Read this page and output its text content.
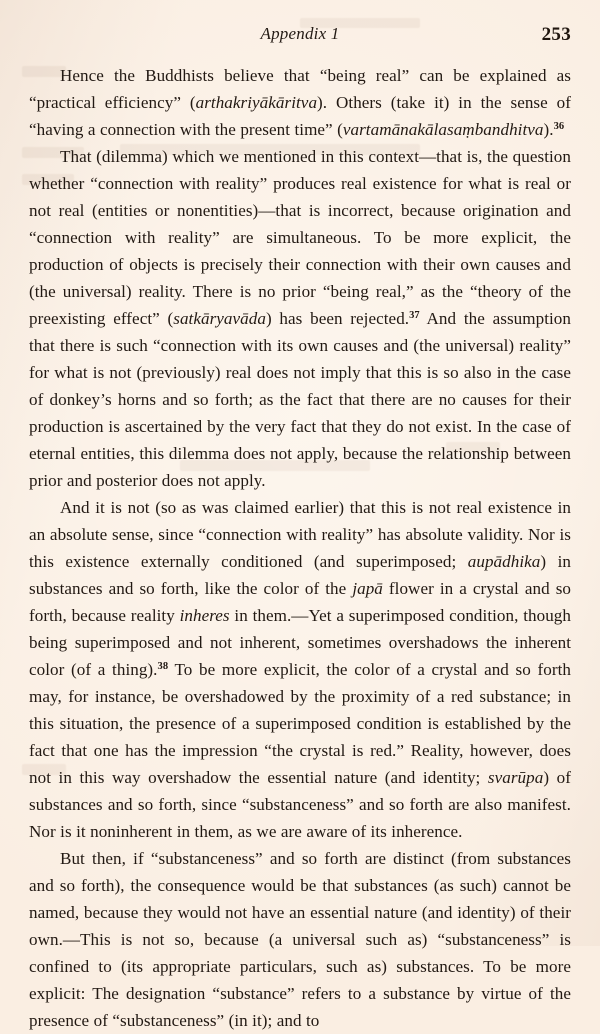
Appendix 1	253

Hence the Buddhists believe that “being real” can be explained as “practical efficiency” (arthakriyākāritva). Others (take it) in the sense of “having a connection with the present time” (vartamānakālasaṃbandhitva).$^{36}$

That (dilemma) which we mentioned in this context—that is, the question whether “connection with reality” produces real existence for what is real or not real (entities or nonentities)—that is incorrect, because origination and “connection with reality” are simultaneous. To be more explicit, the production of objects is precisely their connection with their own causes and (the universal) reality. There is no prior “being real,” as the “theory of the preexisting effect” (satkāryavāda) has been rejected.$^{37}$ And the assumption that there is such “connection with its own causes and (the universal) reality” for what is not (previously) real does not imply that this is so also in the case of donkey’s horns and so forth; as the fact that there are no causes for their production is ascertained by the very fact that they do not exist. In the case of eternal entities, this dilemma does not apply, because the relationship between prior and posterior does not apply.

And it is not (so as was claimed earlier) that this is not real existence in an absolute sense, since “connection with reality” has absolute validity. Nor is this existence externally conditioned (and superimposed; aupādhika) in substances and so forth, like the color of the japā flower in a crystal and so forth, because reality inheres in them.—Yet a superimposed condition, though being superimposed and not inherent, sometimes overshadows the inherent color (of a thing).$^{38}$ To be more explicit, the color of a crystal and so forth may, for instance, be overshadowed by the proximity of a red substance; in this situation, the presence of a superimposed condition is established by the fact that one has the impression “the crystal is red.” Reality, however, does not in this way overshadow the essential nature (and identity; svarūpa) of substances and so forth, since “substanceness” and so forth are also manifest. Nor is it noninherent in them, as we are aware of its inherence.

But then, if “substanceness” and so forth are distinct (from substances and so forth), the consequence would be that substances (as such) cannot be named, because they would not have an essential nature (and identity) of their own.—This is not so, because (a universal such as) “substanceness” is confined to (its appropriate particulars, such as) substances. To be more explicit: The designation “substance” refers to a substance by virtue of the presence of “substanceness” (in it); and to
